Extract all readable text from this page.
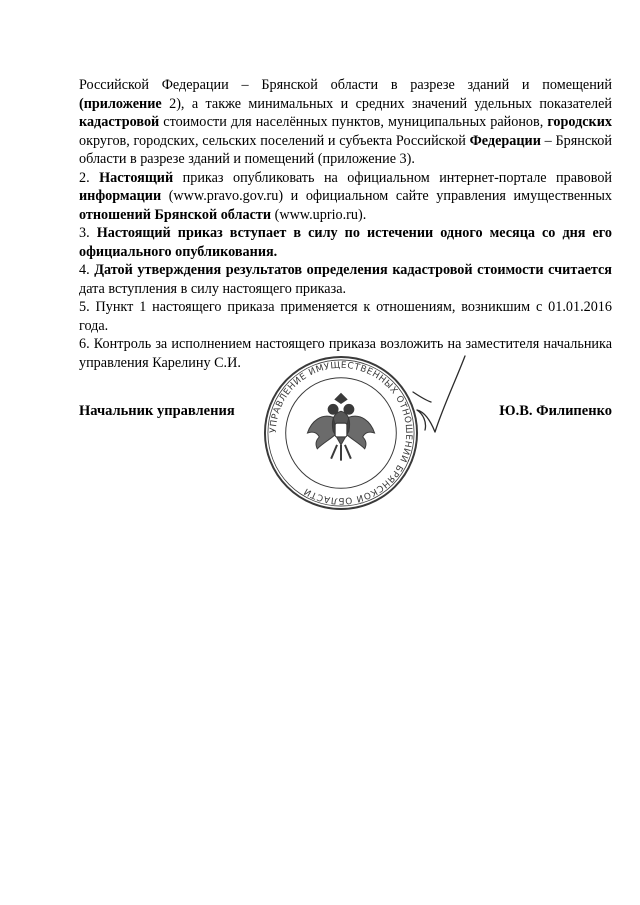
Российской Федерации – Брянской области в разрезе зданий и помещений (приложение 2), а также минимальных и средних значений удельных показателей кадастровой стоимости для населённых пунктов, муниципальных районов, городских округов, городских, сельских поселений и субъекта Российской Федерации – Брянской области в разрезе зданий и помещений (приложение 3).

2. Настоящий приказ опубликовать на официальном интернет-портале правовой информации (www.pravo.gov.ru) и официальном сайте управления имущественных отношений Брянской области (www.uprio.ru).

3. Настоящий приказ вступает в силу по истечении одного месяца со дня его официального опубликования.

4. Датой утверждения результатов определения кадастровой стоимости считается дата вступления в силу настоящего приказа.

5. Пункт 1 настоящего приказа применяется к отношениям, возникшим с 01.01.2016 года.

6. Контроль за исполнением настоящего приказа возложить на заместителя начальника управления Карелину С.И.

Начальник управления
УПРАВЛЕНИЕ ИМУЩЕСТВЕННЫХ ОТНОШЕНИЙ БРЯНСКОЙ ОБЛАСТИ
Ю.В. Филипенко
